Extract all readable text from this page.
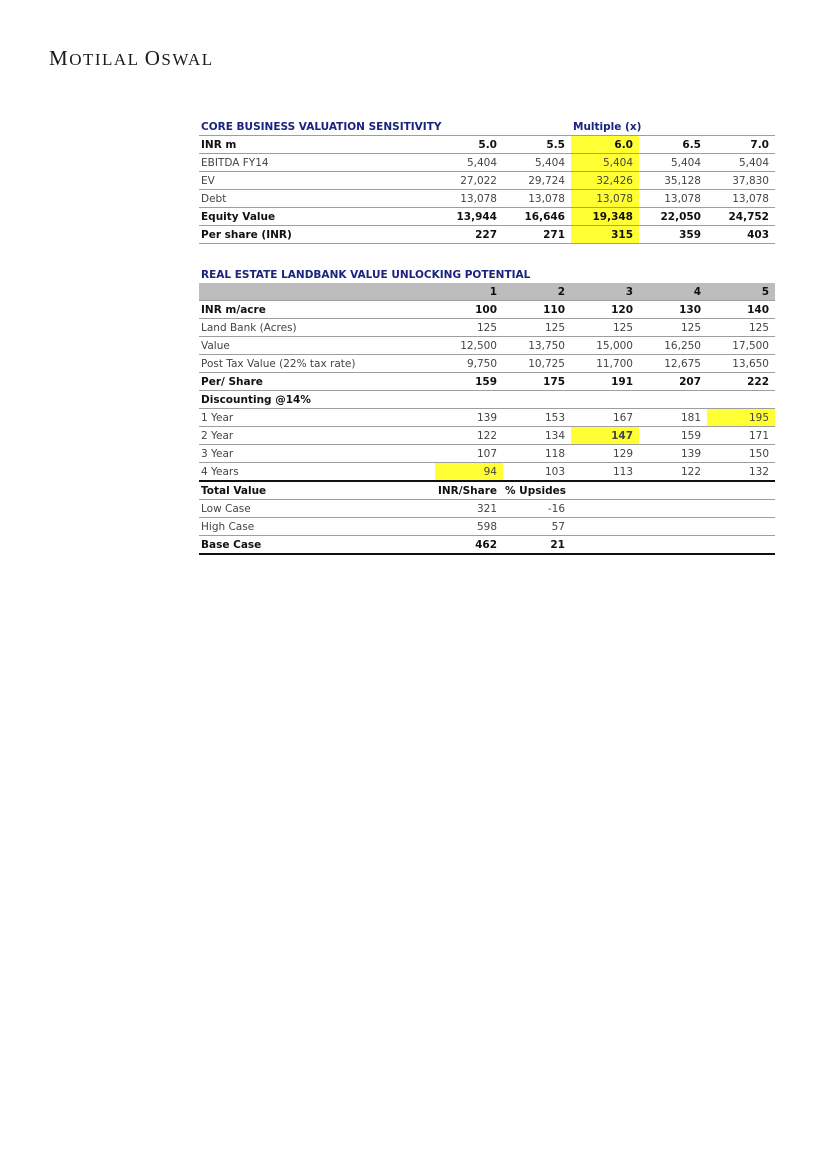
MOTILAL OSWAL
CORE BUSINESS VALUATION SENSITIVITY			Multiple (x)		
INR m	5.0	5.5	6.0	6.5	7.0
EBITDA FY14	5,404	5,404	5,404	5,404	5,404
EV	27,022	29,724	32,426	35,128	37,830
Debt	13,078	13,078	13,078	13,078	13,078
Equity Value	13,944	16,646	19,348	22,050	24,752
Per share (INR)	227	271	315	359	403
REAL ESTATE LANDBANK VALUE UNLOCKING POTENTIAL					
	1	2	3	4	5
INR m/acre	100	110	120	130	140
Land Bank (Acres)	125	125	125	125	125
Value	12,500	13,750	15,000	16,250	17,500
Post Tax Value (22% tax rate)	9,750	10,725	11,700	12,675	13,650
Per/ Share	159	175	191	207	222
Discounting @14%					
1 Year	139	153	167	181	195
2 Year	122	134	147	159	171
3 Year	107	118	129	139	150
4 Years	94	103	113	122	132
Total Value	INR/Share	% Upsides			
Low Case	321	-16			
High Case	598	57			
Base Case	462	21			
